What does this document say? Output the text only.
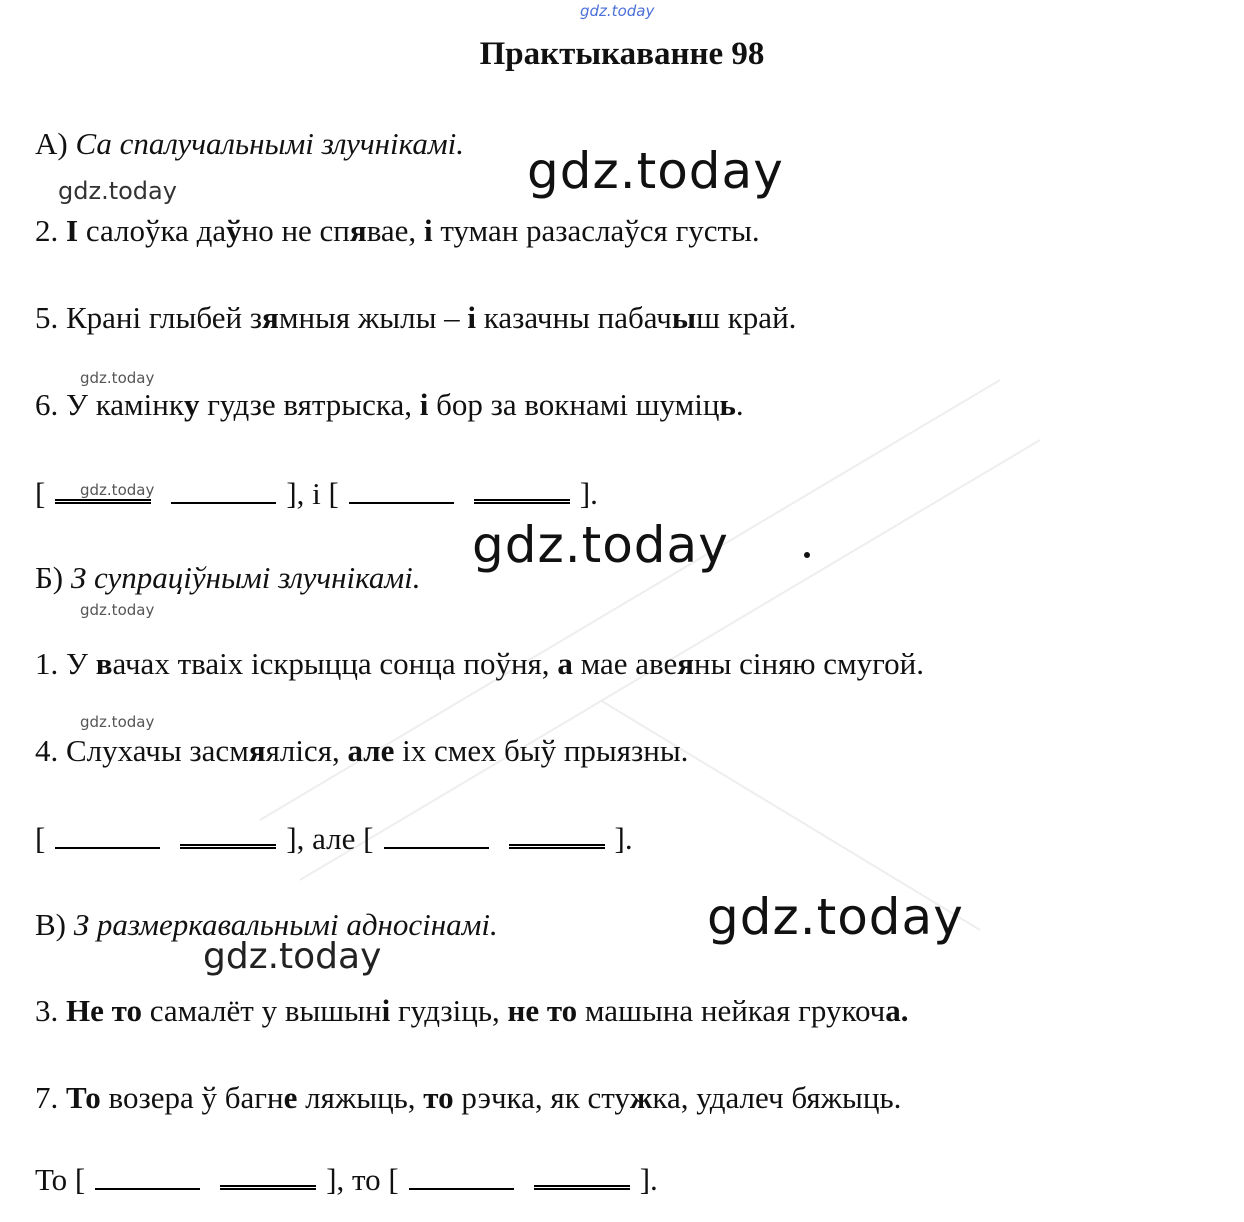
gdz.today
Практыкаванне 98
А) Са спалучальнымі злучнікамі. gdz.today
gdz.today
2. І салоўка даўно не спявае, і туман разаслаўся густы.
5. Крані глыбей зямныя жылы – і казачны пабачыш край.
gdz.today
6. У камінку гудзе вятрыска, і бор за вокнамі шуміць.
[	], і [	].
gdz.today
gdz.today
Б) З супрацiўнымi злучнікамі.
gdz.today
1. У вачах тваіх іскрыцца сонца поўня, а мае авеяны сіняю смугой.
gdz.today
4. Слухачы засмяяліся, але іх смех быў прыязны.
[	], але [	].
В) З размеркавальнымі адносінамі.	gdz.today
gdz.today
3. Не то самалёт у вышыні гудзіць, не то машына нейкая грукоча.
7. То возера ў багне ляжыць, то рэчка, як стужка, удалеч бяжыць.
То [	], то [	].
